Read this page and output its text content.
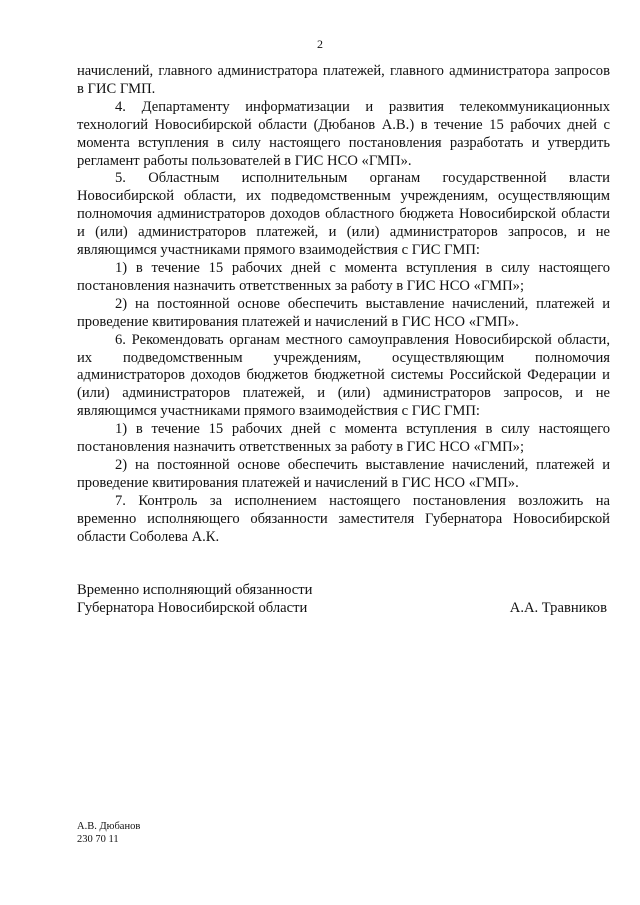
2

начислений, главного администратора платежей, главного администратора запросов в ГИС ГМП.

4. Департаменту информатизации и развития телекоммуникационных технологий Новосибирской области (Дюбанов А.В.) в течение 15 рабочих дней с момента вступления в силу настоящего постановления разработать и утвердить регламент работы пользователей в ГИС НСО «ГМП».

5. Областным исполнительным органам государственной власти Новосибирской области, их подведомственным учреждениям, осуществляющим полномочия администраторов доходов областного бюджета Новосибирской области и (или) администраторов платежей, и (или) администраторов запросов, и не являющимся участниками прямого взаимодействия с ГИС ГМП:

1) в течение 15 рабочих дней с момента вступления в силу настоящего постановления назначить ответственных за работу в ГИС НСО «ГМП»;

2) на постоянной основе обеспечить выставление начислений, платежей и проведение квитирования платежей и начислений в ГИС НСО «ГМП».

6. Рекомендовать органам местного самоуправления Новосибирской области, их подведомственным учреждениям, осуществляющим полномочия администраторов доходов бюджетов бюджетной системы Российской Федерации и (или) администраторов платежей, и (или) администраторов запросов, и не являющимся участниками прямого взаимодействия с ГИС ГМП:

1) в течение 15 рабочих дней с момента вступления в силу настоящего постановления назначить ответственных за работу в ГИС НСО «ГМП»;

2) на постоянной основе обеспечить выставление начислений, платежей и проведение квитирования платежей и начислений в ГИС НСО «ГМП».

7. Контроль за исполнением настоящего постановления возложить на временно исполняющего обязанности заместителя Губернатора Новосибирской области Соболева А.К.

Временно исполняющий обязанности
Губернатора Новосибирской области	А.А. Травников
А.В. Дюбанов
230 70 11
